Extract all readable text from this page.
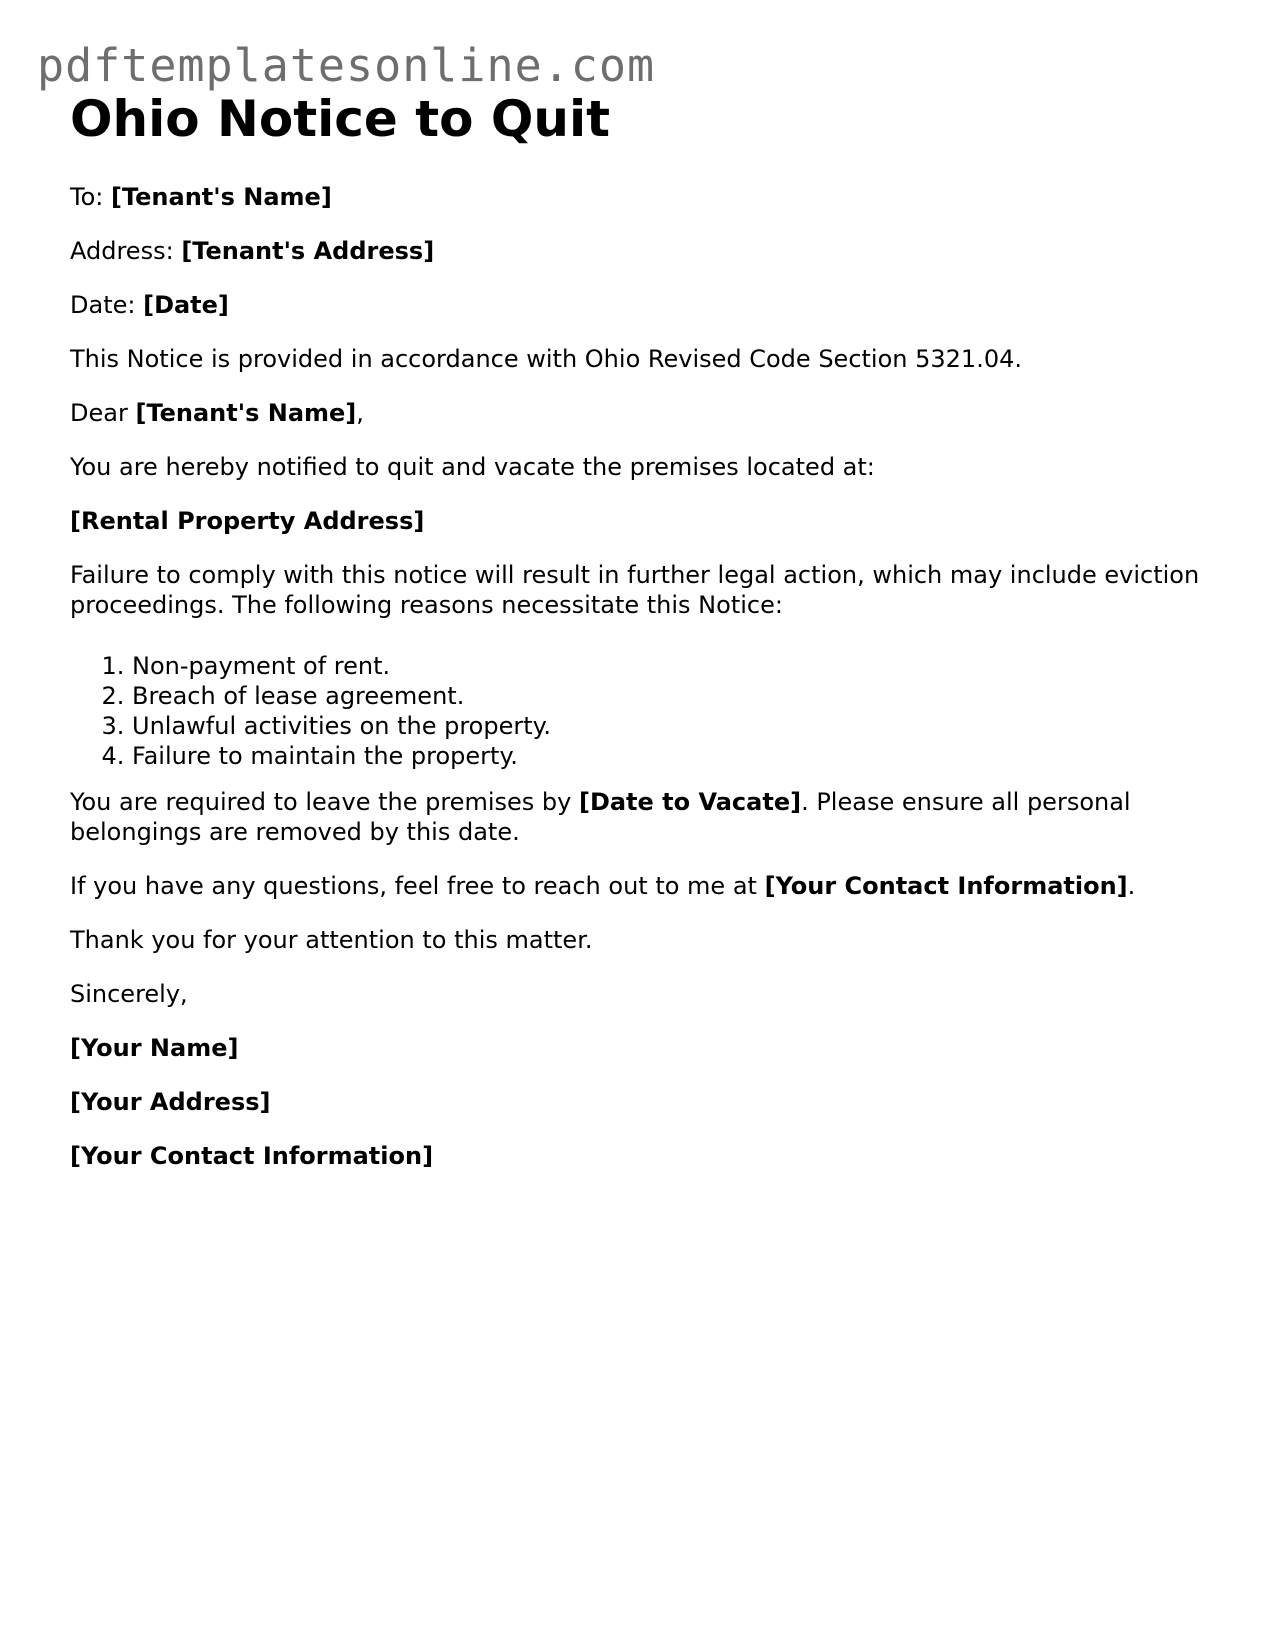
pdftemplatesonline.com
Ohio Notice to Quit
To: [Tenant's Name]
Address: [Tenant's Address]
Date: [Date]
This Notice is provided in accordance with Ohio Revised Code Section 5321.04.
Dear [Tenant's Name],
You are hereby notified to quit and vacate the premises located at:
[Rental Property Address]
Failure to comply with this notice will result in further legal action, which may include eviction proceedings. The following reasons necessitate this Notice:
1. Non-payment of rent.
2. Breach of lease agreement.
3. Unlawful activities on the property.
4. Failure to maintain the property.
You are required to leave the premises by [Date to Vacate]. Please ensure all personal belongings are removed by this date.
If you have any questions, feel free to reach out to me at [Your Contact Information].
Thank you for your attention to this matter.
Sincerely,
[Your Name]
[Your Address]
[Your Contact Information]
